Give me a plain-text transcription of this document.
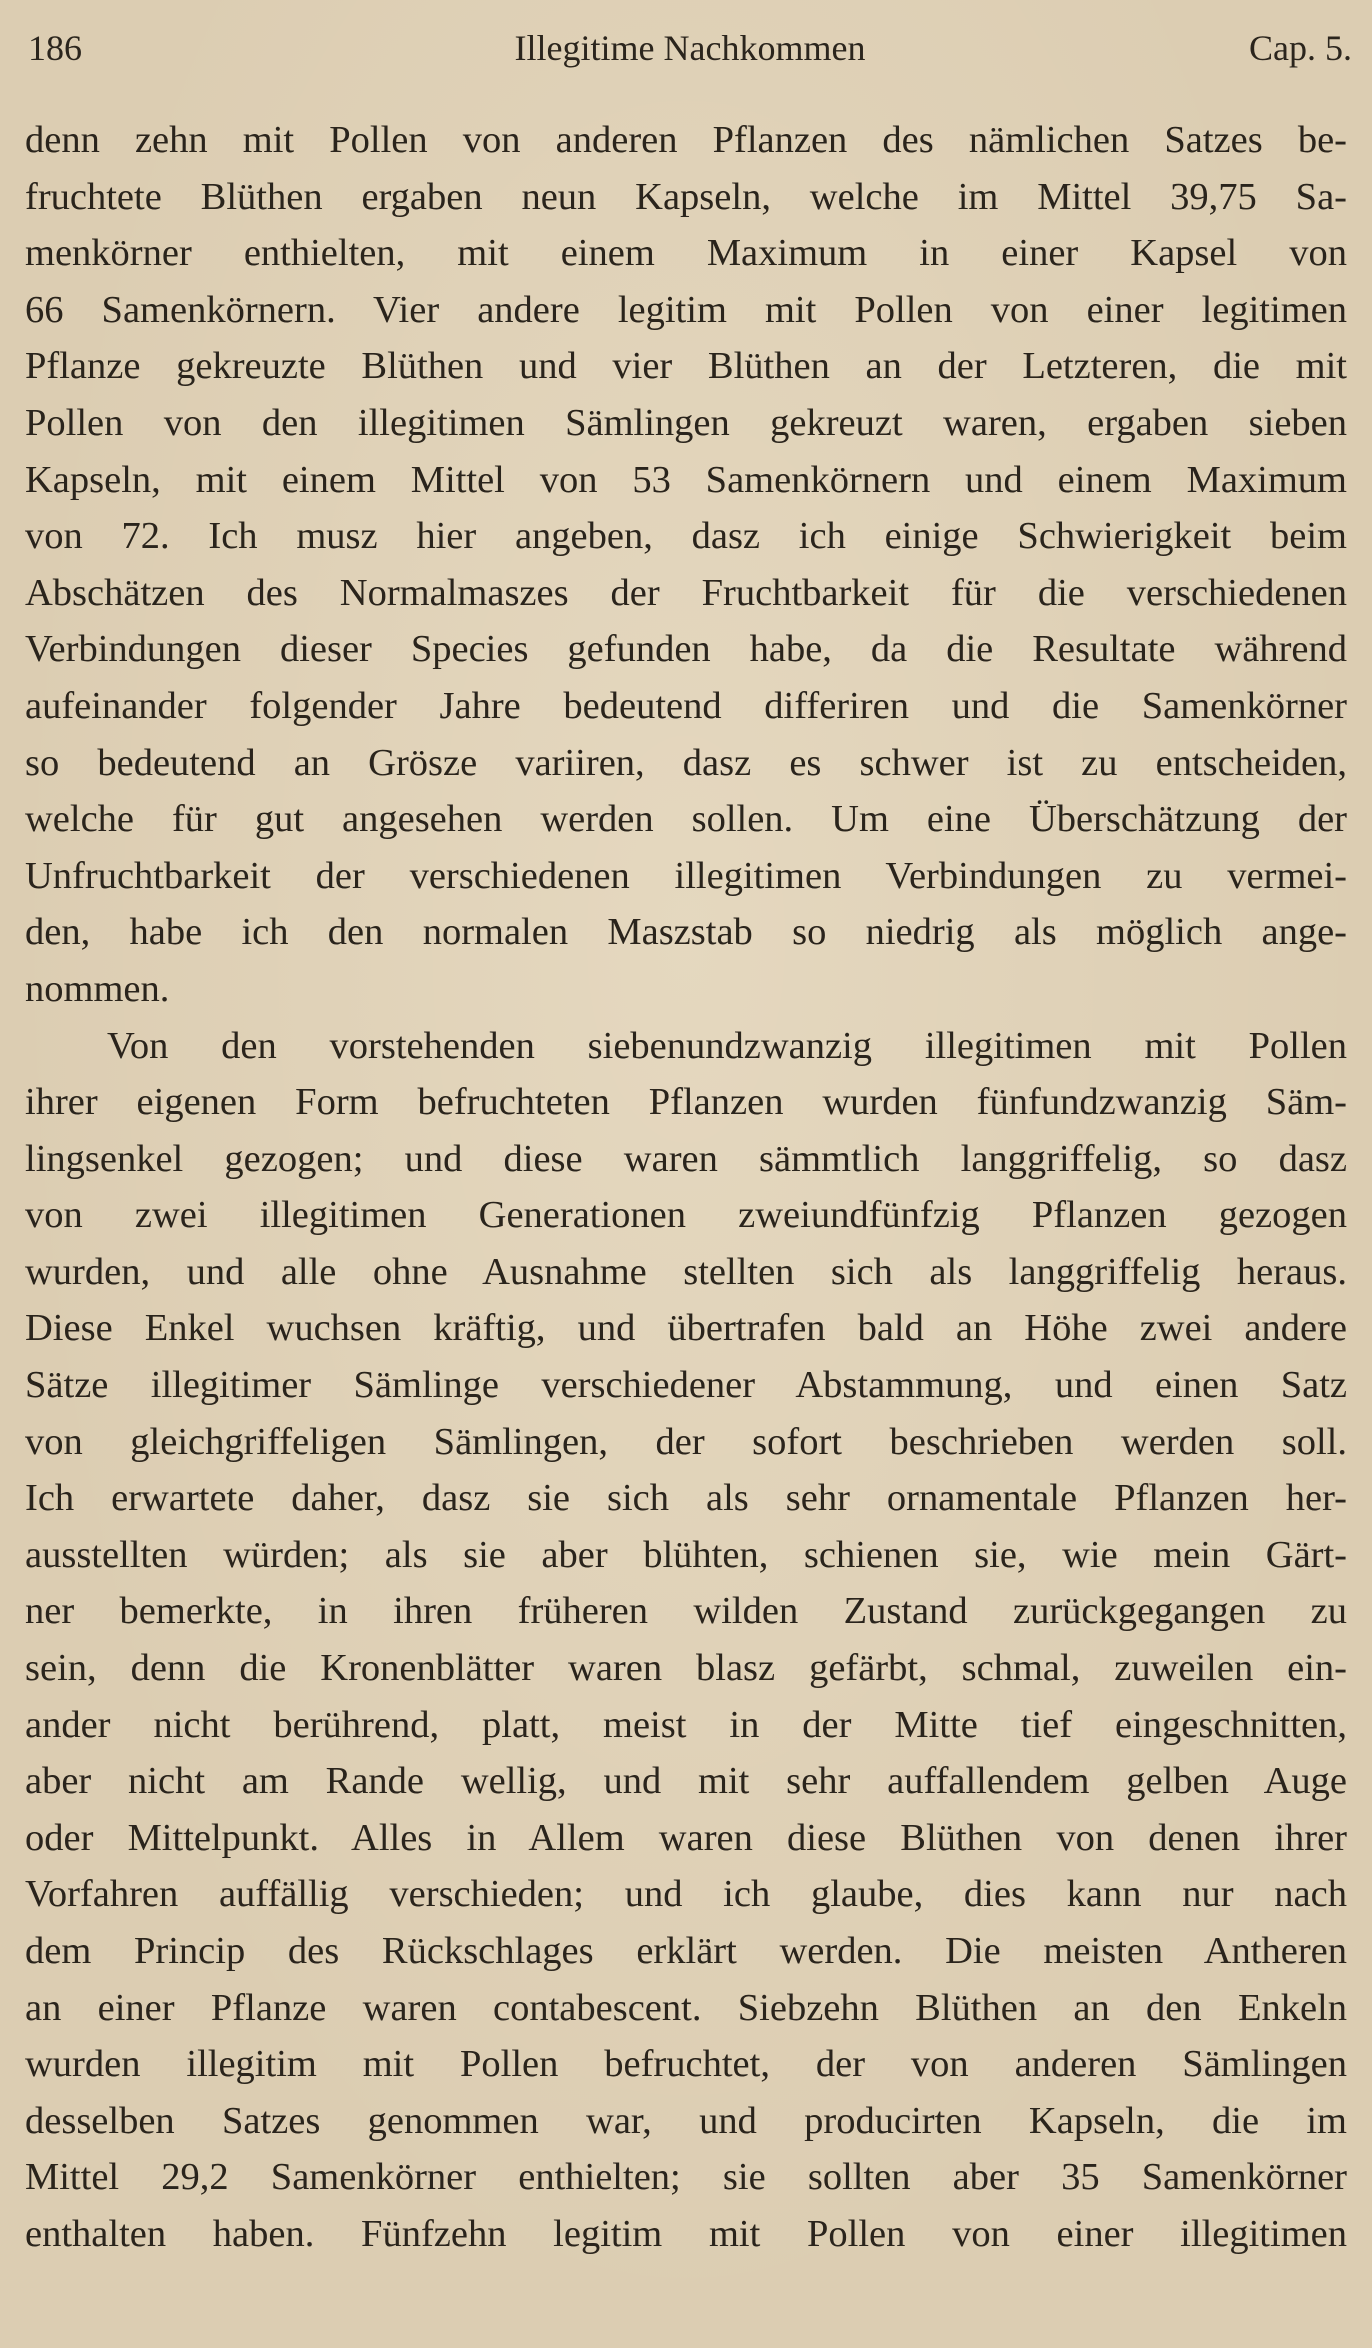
186	Illegitime Nachkommen	Cap. 5.
denn zehn mit Pollen von anderen Pflanzen des nämlichen Satzes be-
fruchtete Blüthen ergaben neun Kapseln, welche im Mittel 39,75 Sa-
menkörner enthielten, mit einem Maximum in einer Kapsel von
66 Samenkörnern. Vier andere legitim mit Pollen von einer legitimen
Pflanze gekreuzte Blüthen und vier Blüthen an der Letzteren, die mit
Pollen von den illegitimen Sämlingen gekreuzt waren, ergaben sieben
Kapseln, mit einem Mittel von 53 Samenkörnern und einem Maximum
von 72. Ich musz hier angeben, dasz ich einige Schwierigkeit beim
Abschätzen des Normalmaszes der Fruchtbarkeit für die verschiedenen
Verbindungen dieser Species gefunden habe, da die Resultate während
aufeinander folgender Jahre bedeutend differiren und die Samenkörner
so bedeutend an Grösze variiren, dasz es schwer ist zu entscheiden,
welche für gut angesehen werden sollen. Um eine Überschätzung der
Unfruchtbarkeit der verschiedenen illegitimen Verbindungen zu vermei-
den, habe ich den normalen Maszstab so niedrig als möglich ange-
nommen.
Von den vorstehenden siebenundzwanzig illegitimen mit Pollen
ihrer eigenen Form befruchteten Pflanzen wurden fünfundzwanzig Säm-
lingsenkel gezogen; und diese waren sämmtlich langgriffelig, so dasz
von zwei illegitimen Generationen zweiundfünfzig Pflanzen gezogen
wurden, und alle ohne Ausnahme stellten sich als langgriffelig heraus.
Diese Enkel wuchsen kräftig, und übertrafen bald an Höhe zwei andere
Sätze illegitimer Sämlinge verschiedener Abstammung, und einen Satz
von gleichgriffeligen Sämlingen, der sofort beschrieben werden soll.
Ich erwartete daher, dasz sie sich als sehr ornamentale Pflanzen her-
ausstellten würden; als sie aber blühten, schienen sie, wie mein Gärt-
ner bemerkte, in ihren früheren wilden Zustand zurückgegangen zu
sein, denn die Kronenblätter waren blasz gefärbt, schmal, zuweilen ein-
ander nicht berührend, platt, meist in der Mitte tief eingeschnitten,
aber nicht am Rande wellig, und mit sehr auffallendem gelben Auge
oder Mittelpunkt. Alles in Allem waren diese Blüthen von denen ihrer
Vorfahren auffällig verschieden; und ich glaube, dies kann nur nach
dem Princip des Rückschlages erklärt werden. Die meisten Antheren
an einer Pflanze waren contabescent. Siebzehn Blüthen an den Enkeln
wurden illegitim mit Pollen befruchtet, der von anderen Sämlingen
desselben Satzes genommen war, und producirten Kapseln, die im
Mittel 29,2 Samenkörner enthielten; sie sollten aber 35 Samenkörner
enthalten haben. Fünfzehn legitim mit Pollen von einer illegitimen
